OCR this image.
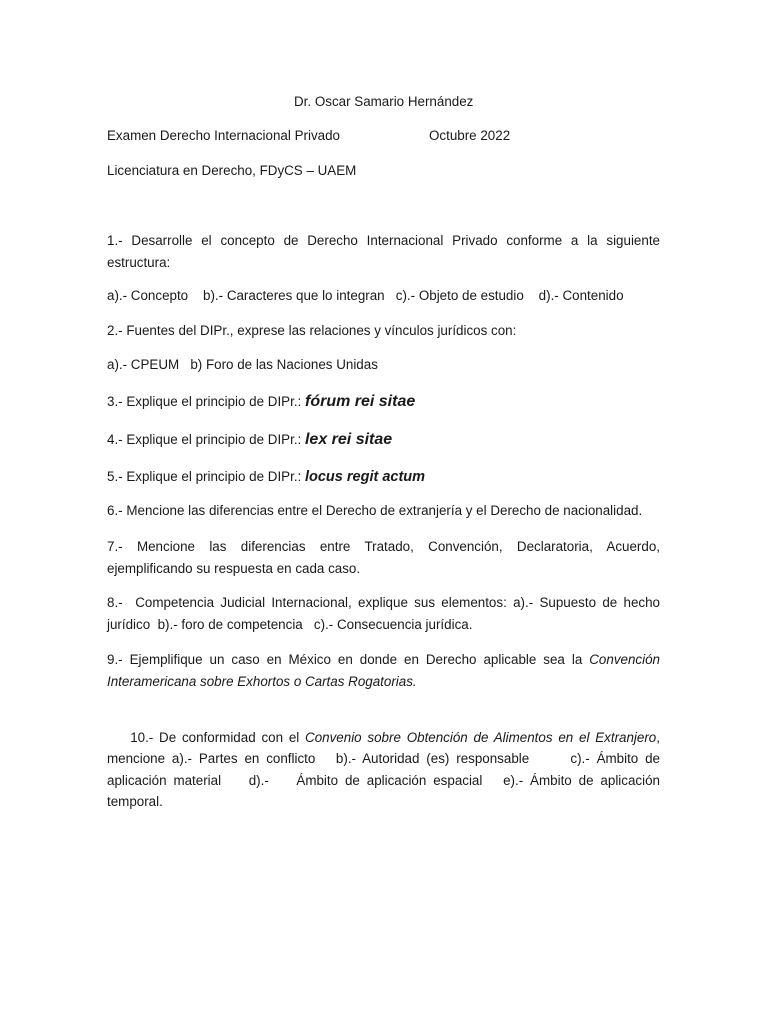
Dr. Oscar Samario Hernández
Examen Derecho Internacional Privado	Octubre 2022
Licenciatura en Derecho, FDyCS – UAEM
1.- Desarrolle el concepto de Derecho Internacional Privado conforme a la siguiente estructura:
a).- Concepto    b).- Caracteres que lo integran   c).- Objeto de estudio    d).- Contenido
2.- Fuentes del DIPr., exprese las relaciones y vínculos jurídicos con:
a).- CPEUM   b) Foro de las Naciones Unidas
3.- Explique el principio de DIPr.: fórum rei sitae
4.- Explique el principio de DIPr.: lex rei sitae
5.- Explique el principio de DIPr.: locus regit actum
6.- Mencione las diferencias entre el Derecho de extranjería y el Derecho de nacionalidad.
7.- Mencione las diferencias entre Tratado, Convención, Declaratoria, Acuerdo, ejemplificando su respuesta en cada caso.
8.-  Competencia Judicial Internacional, explique sus elementos: a).- Supuesto de hecho jurídico  b).- foro de competencia   c).- Consecuencia jurídica.
9.- Ejemplifique un caso en México en donde en Derecho aplicable sea la Convención Interamericana sobre Exhortos o Cartas Rogatorias.

10.- De conformidad con el Convenio sobre Obtención de Alimentos en el Extranjero, mencione a).- Partes en conflicto   b).- Autoridad (es) responsable      c).- Ámbito de aplicación material    d).-    Ámbito de aplicación espacial   e).- Ámbito de aplicación temporal.
